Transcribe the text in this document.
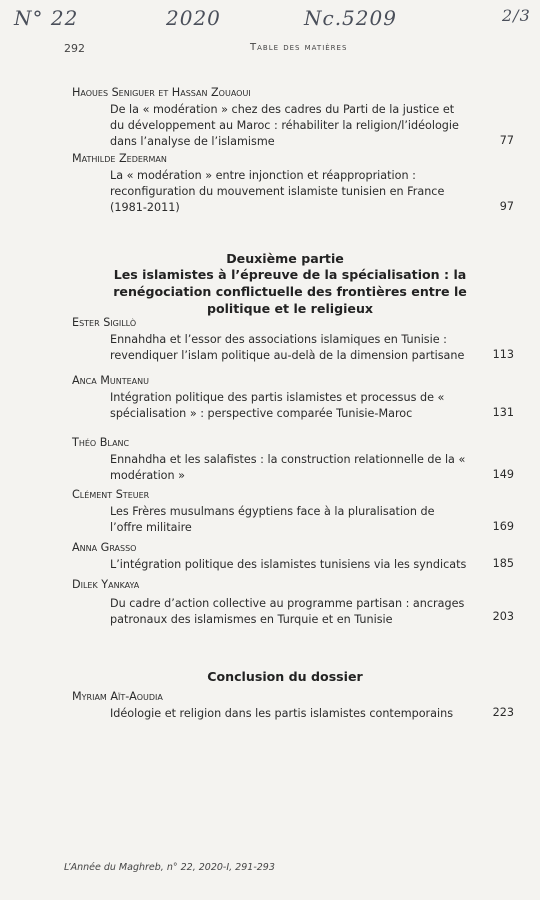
N° 22	2020	Nc.5209	2/3
292	Table des matières
Haoues Seniguer et Hassan Zouaoui
De la « modération » chez des cadres du Parti de la justice et du développement au Maroc : réhabiliter la religion/l’idéologie dans l’analyse de l’islamisme	77
Mathilde Zederman
La « modération » entre injonction et réappropriation : reconfiguration du mouvement islamiste tunisien en France (1981-2011)	97
Deuxième partie
Les islamistes à l’épreuve de la spécialisation : la renégociation conflictuelle des frontières entre le politique et le religieux
Ester Sigillò
Ennahdha et l’essor des associations islamiques en Tunisie : revendiquer l’islam politique au-delà de la dimension partisane	113
Anca Munteanu
Intégration politique des partis islamistes et processus de « spécialisation » : perspective comparée Tunisie-Maroc	131
Théo Blanc
Ennahdha et les salafistes : la construction relationnelle de la « modération »	149
Clément Steuer
Les Frères musulmans égyptiens face à la pluralisation de l’offre militaire	169
Anna Grasso
L’intégration politique des islamistes tunisiens via les syndicats	185
Dilek Yankaya
Du cadre d’action collective au programme partisan : ancrages patronaux des islamismes en Turquie et en Tunisie	203
Conclusion du dossier
Myriam Aït-Aoudia
Idéologie et religion dans les partis islamistes contemporains	223
L’Année du Maghreb, n° 22, 2020-I, 291-293
